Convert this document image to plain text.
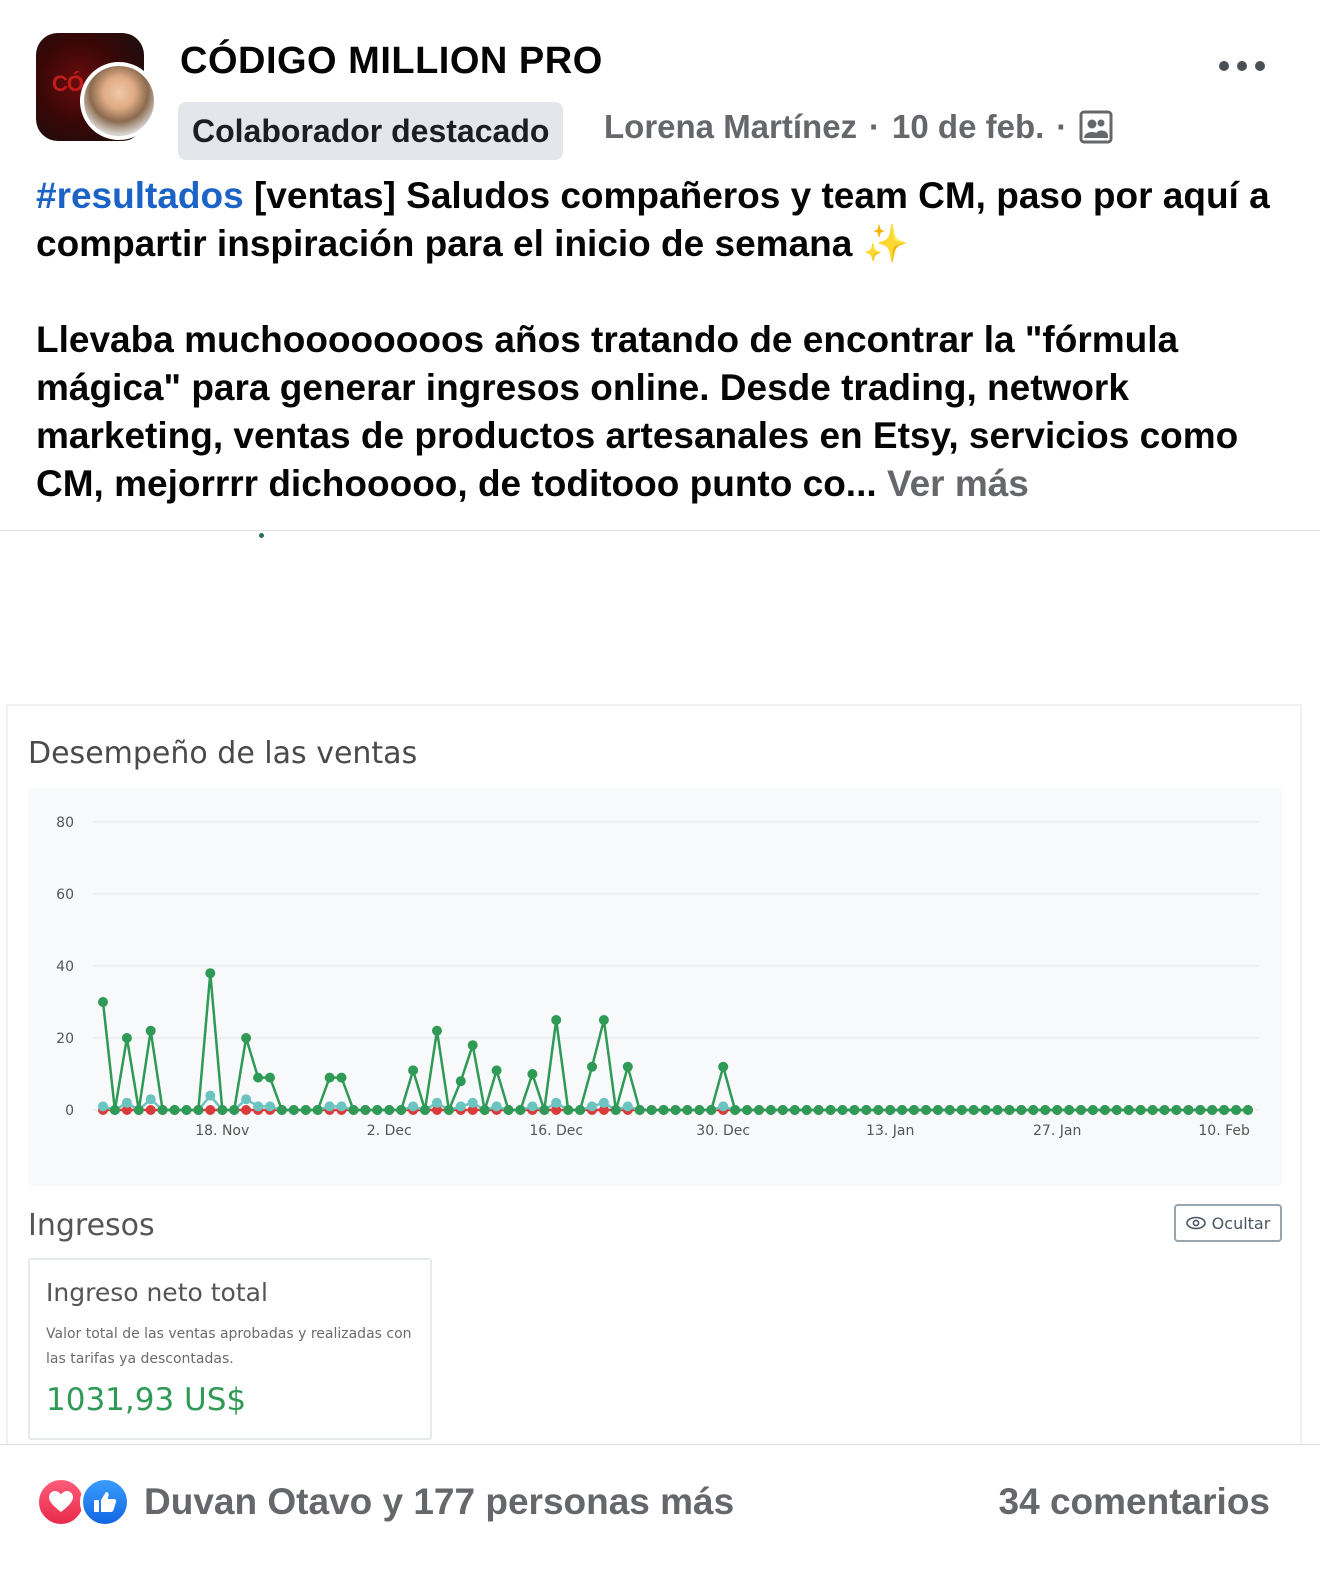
CÓ
CÓDIGO MILLION PRO
Colaborador destacado	Lorena Martínez · 10 de feb. ·

#resultados [ventas] Saludos compañeros y team CM, paso por aquí a compartir inspiración para el inicio de semana ✨

Llevaba muchoooooooos años tratando de encontrar la "fórmula mágica" para generar ingresos online. Desde trading, network marketing, ventas de productos artesanales en Etsy, servicios como CM, mejorrrr dichooooo, de toditooo punto co... Ver más

Desempeño de las ventas
0
20
40
60
80
18. Nov	2. Dec	16. Dec	30. Dec	13. Jan	27. Jan	10. Feb
Ingresos	Ocultar
Ingreso neto total
Valor total de las ventas aprobadas y realizadas con las tarifas ya descontadas.
1031,93 US$
Duvan Otavo y 177 personas más	34 comentarios
